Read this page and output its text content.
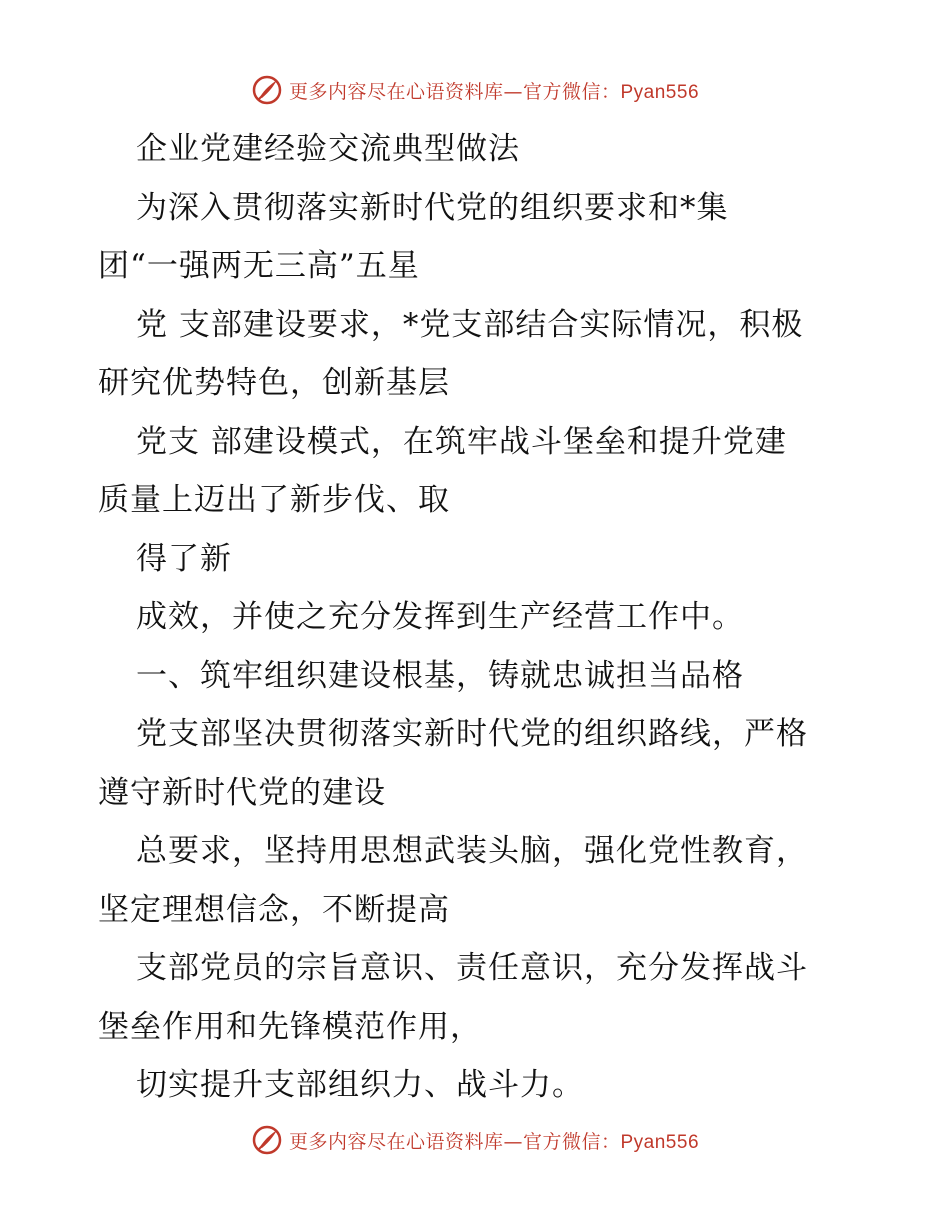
更多内容尽在心语资料库—官方微信：Pyan556
企业党建经验交流典型做法
为深入贯彻落实新时代党的组织要求和*集
团“一强两无三高”五星
党 支部建设要求，*党支部结合实际情况，积极
研究优势特色，创新基层
党支 部建设模式，在筑牢战斗堡垒和提升党建
质量上迈出了新步伐、取
得了新
成效，并使之充分发挥到生产经营工作中。
一、筑牢组织建设根基，铸就忠诚担当品格
党支部坚决贯彻落实新时代党的组织路线，严格
遵守新时代党的建设
总要求，坚持用思想武装头脑，强化党性教育，
坚定理想信念，不断提高
支部党员的宗旨意识、责任意识，充分发挥战斗
堡垒作用和先锋模范作用，
切实提升支部组织力、战斗力。
更多内容尽在心语资料库—官方微信：Pyan556
